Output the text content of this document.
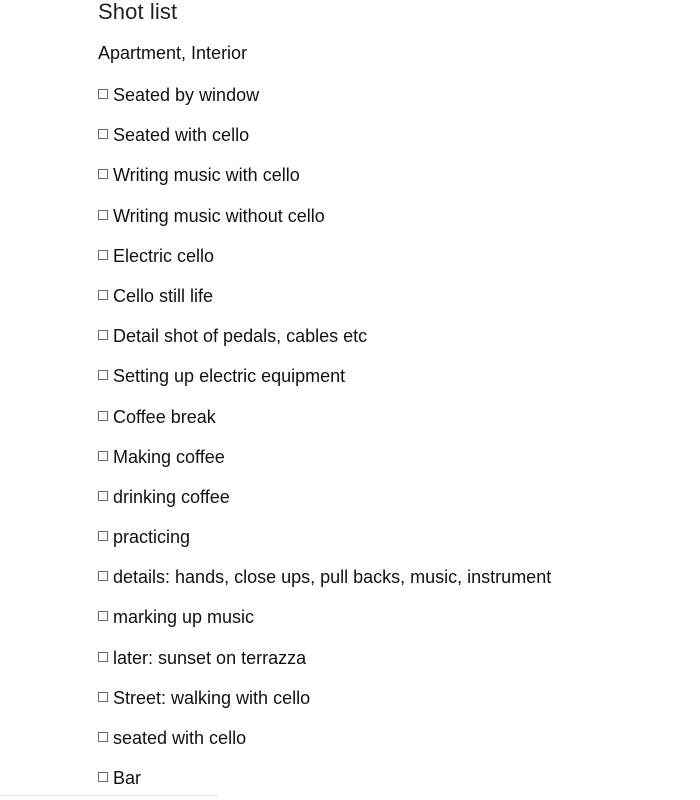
Shot list
Apartment, Interior
Seated by window
Seated with cello
Writing music with cello
Writing music without cello
Electric cello
Cello still life
Detail shot of pedals, cables etc
Setting up electric equipment
Coffee break
Making coffee
drinking coffee
practicing
details: hands, close ups, pull backs, music, instrument
marking up music
later: sunset on terrazza
Street: walking with cello
seated with cello
Bar
